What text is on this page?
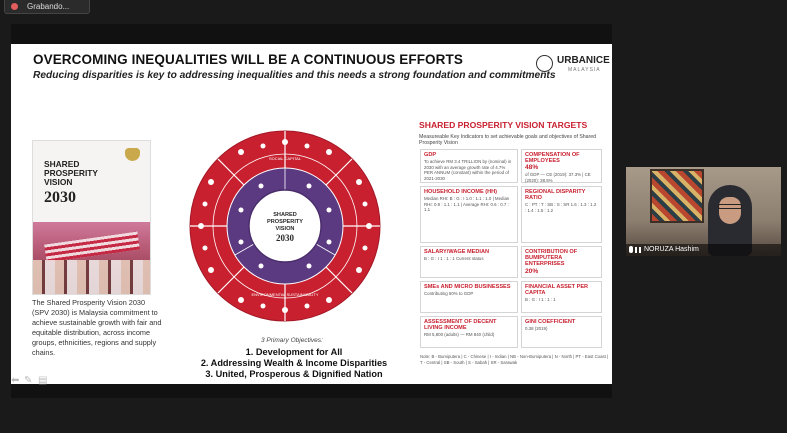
Grabando...
OVERCOMING INEQUALITIES WILL BE A CONTINUOUS EFFORTS
Reducing disparities is key to addressing inequalities and this needs a strong foundation and commitments
URBANICE
MALAYSIA
SHARED PROSPERITY VISION
2030
The Shared Prosperity Vision 2030 (SPV 2030) is Malaysia commitment to achieve sustainable growth with fair and equitable distribution, across income groups, ethnicities, regions and supply chains.
SOCIAL CAPITAL
ENVIRONMENTAL SUSTAINABILITY
SHARED
PROSPERITY
VISION
2030
3 Primary Objectives:
1. Development for All
2. Addressing Wealth & Income Disparities
3. United, Prosperous & Dignified Nation
SHARED PROSPERITY VISION TARGETS
Measureable Key Indicators to set achievable goals and objectives of Shared Prosperity Vision
GDP
To achieve RM 3.4 TRILLION by (nominal) in 2030 with an average growth rate of 4.7% PER ANNUM (constant) within the period of 2021-2030
COMPENSATION OF EMPLOYEES
48%
of GDP — CE (2019): 37.3% | CE (2020): 38.5%
HOUSEHOLD INCOME (HH)
Median RHI: B : G : I 1.0 : 1.1 : 1.0 | Median RHI: 0.9 : 1.1 : 1.1 | Average RHI: 0.6 : 0.7 : 1.1
REGIONAL DISPARITY RATIO
C : PT : T : SB : S : SR 1.6 : 1.3 : 1.2 : 1.4 : 1.5 : 1.2
SALARY/WAGE MEDIAN
B : G : I 1 : 1 : 1 Current status
CONTRIBUTION OF BUMIPUTERA ENTERPRISES
20%
SMEs AND MICRO BUSINESSES
Contributing 50% to GDP
FINANCIAL ASSET PER CAPITA
B : G : I 1 : 1 : 1
ASSESSMENT OF DECENT LIVING INCOME
RM 5,800 (adults) — RM 840 (child)
GINI COEFFICIENT
0.38 (2019)
Note: B - Bumiputera | C - Chinese | I - Indian | NB - Non-Bumiputera | N - North | PT - East Coast | T - Central | SB - South | S - Sabah | SR - Sarawak
⬅ ✎ ▤ ➡
NORUZA Hashim
